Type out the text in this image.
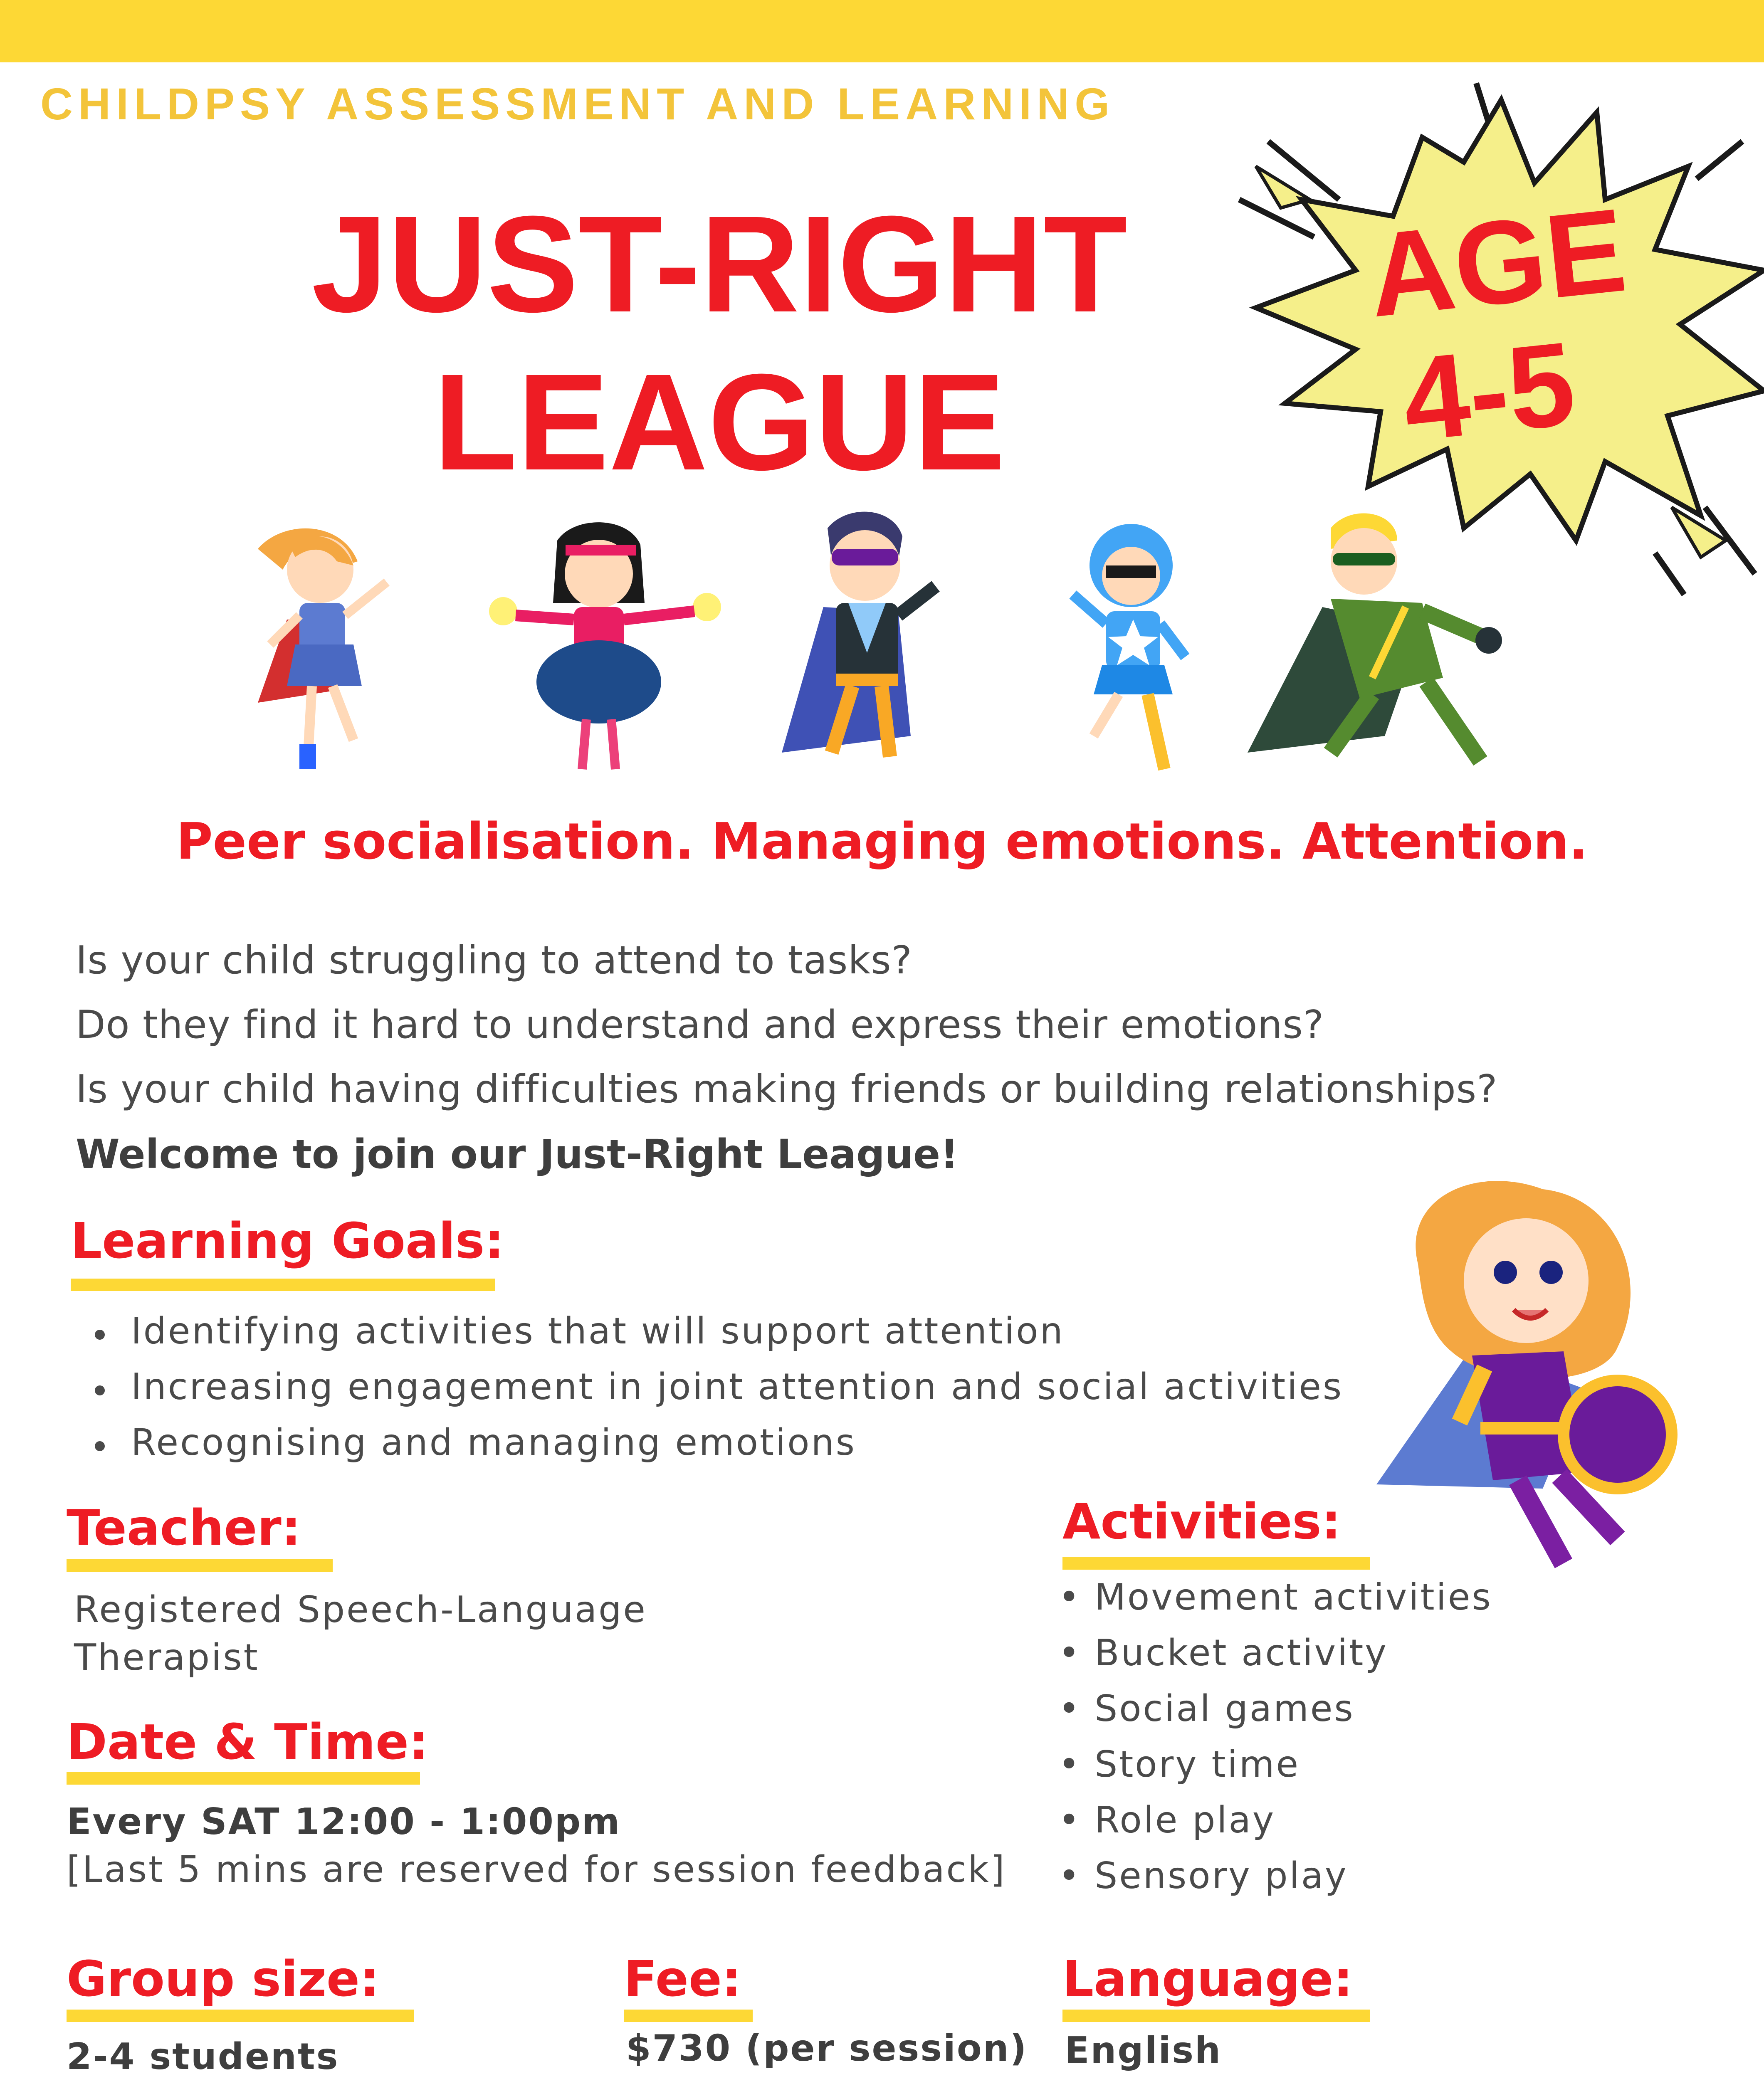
CHILDPSY ASSESSMENT AND LEARNING
JUST-RIGHT
LEAGUE
AGE
4-5
Peer socialisation. Managing emotions. Attention.
Is your child struggling to attend to tasks?
Do they find it hard to understand and express their emotions?
Is your child having difficulties making friends or building relationships?
Welcome to join our Just-Right League!
Learning Goals:
Identifying activities that will support attention
Increasing engagement in joint attention and social activities
Recognising and managing emotions
Teacher:
Registered Speech-Language
Therapist
Date & Time:
Every SAT 12:00 - 1:00pm
[Last 5 mins are reserved for session feedback]
Activities:
• Movement activities
• Bucket activity
• Social games
• Story time
• Role play
• Sensory play
Group size:
2-4 students
Fee:
$730 (per session)
Language:
English
